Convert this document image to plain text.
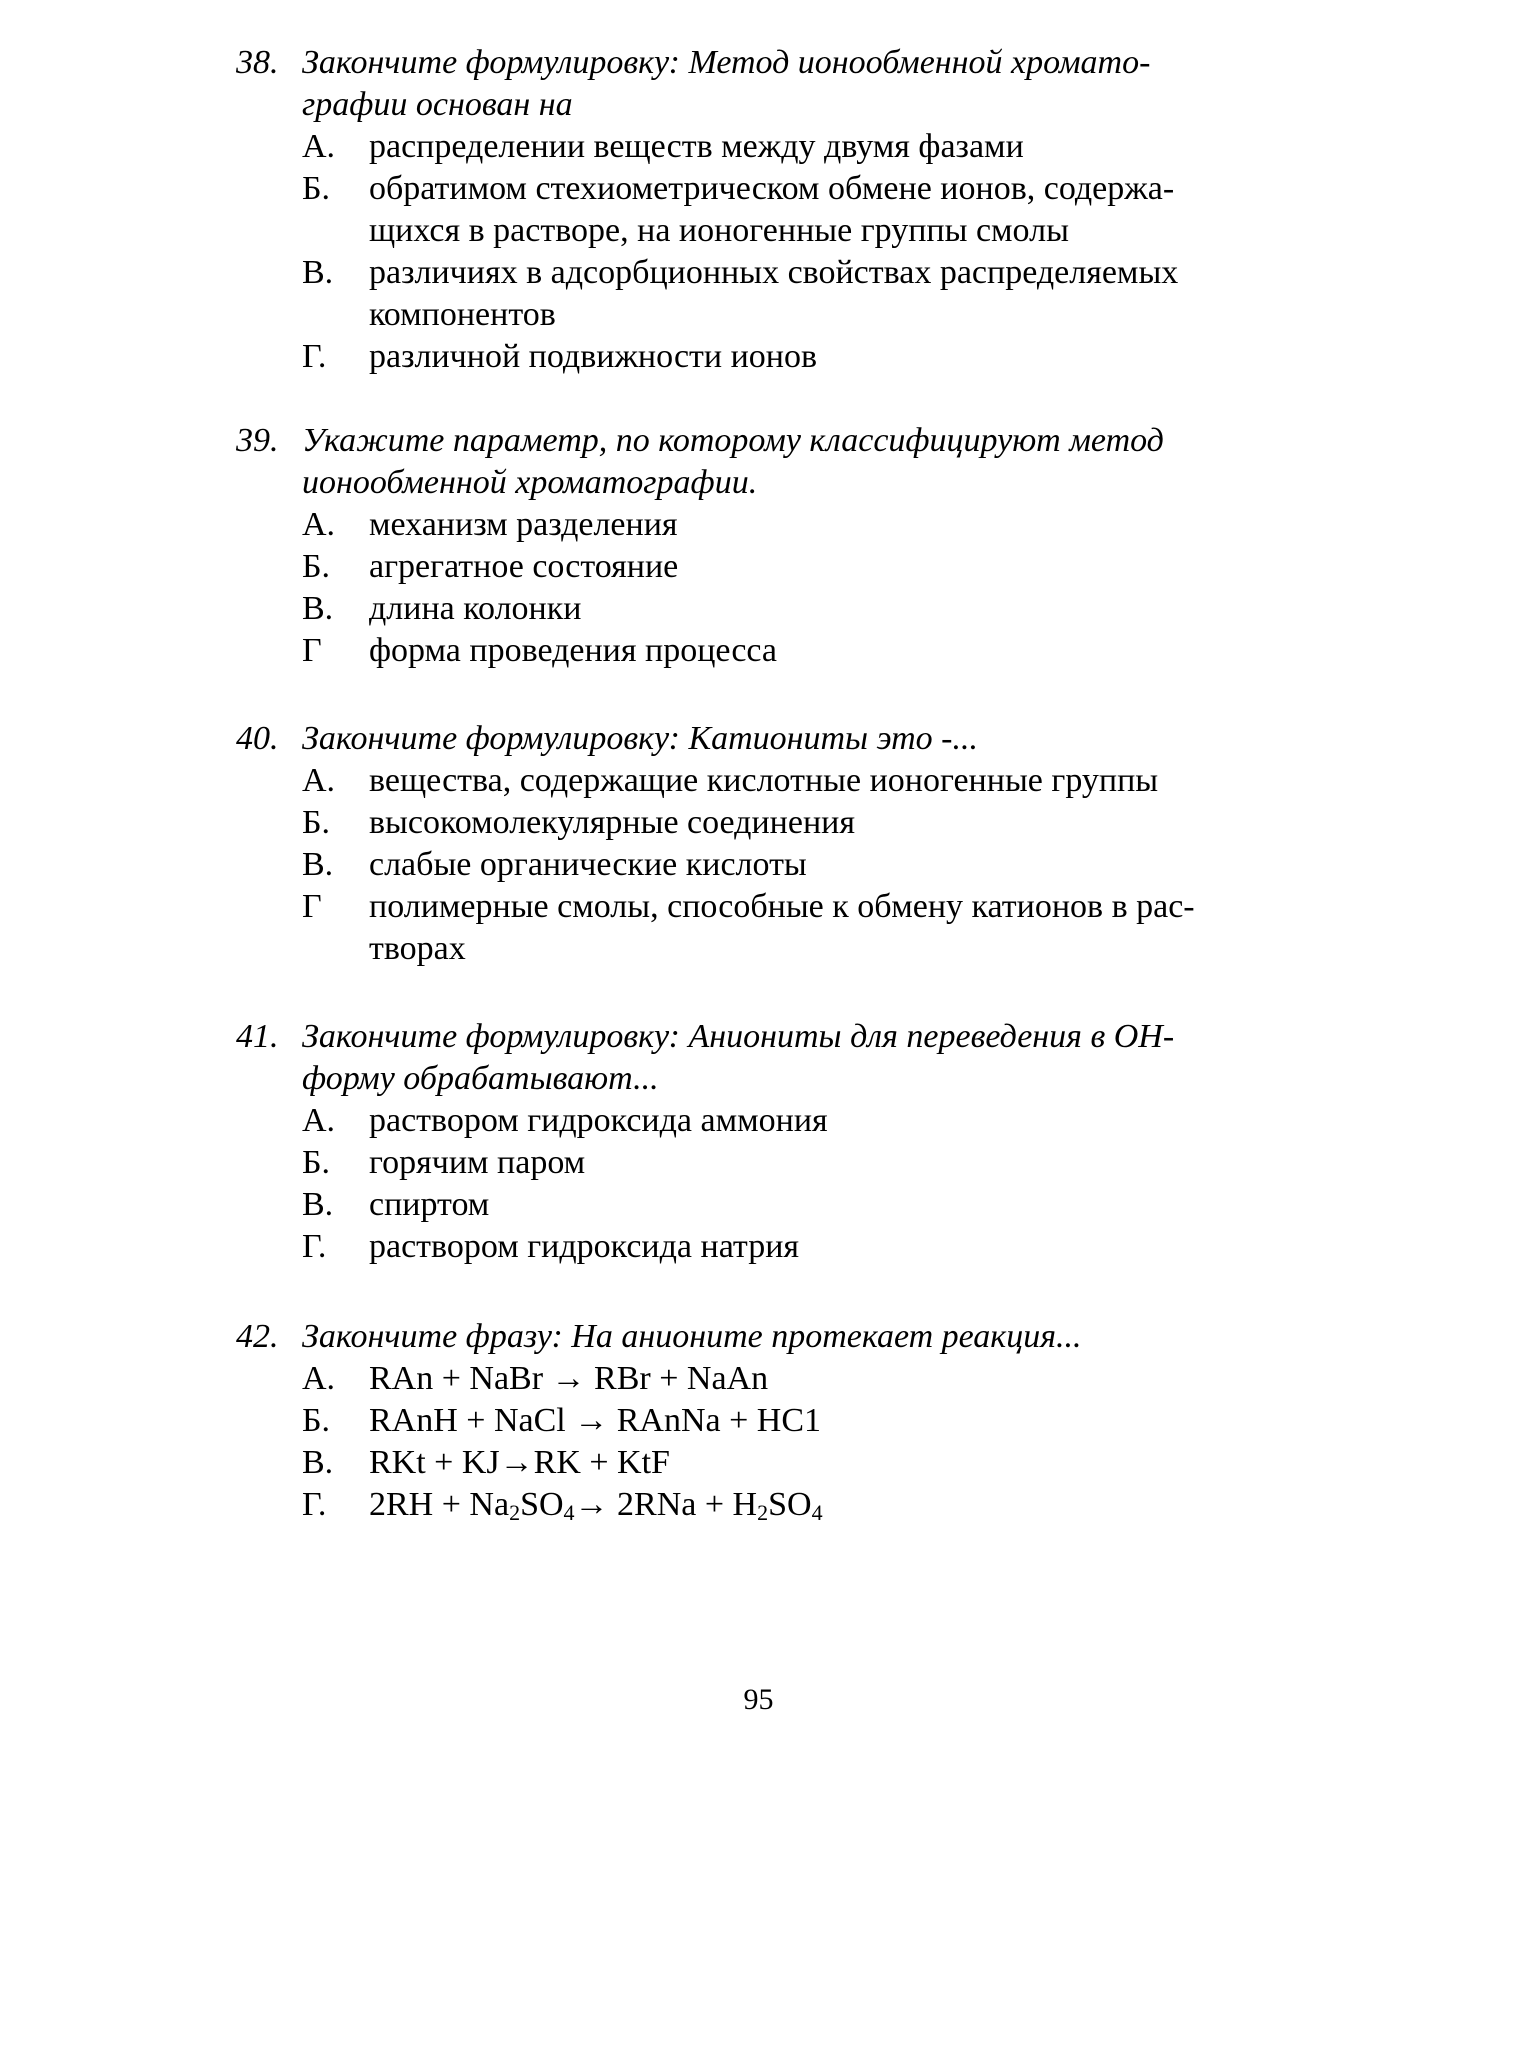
38. Закончите формулировку: Метод ионообменной хромато-
графии основан на
А. распределении веществ между двумя фазами
Б. обратимом стехиометрическом обмене ионов, содержа-
щихся в растворе, на ионогенные группы смолы
В. различиях в адсорбционных свойствах распределяемых
компонентов
Г. различной подвижности ионов
39. Укажите параметр, по которому классифицируют метод
ионообменной хроматографии.
А. механизм разделения
Б. агрегатное состояние
В. длина колонки
Г форма проведения процесса
40. Закончите формулировку: Катиониты это -...
А. вещества, содержащие кислотные ионогенные группы
Б. высокомолекулярные соединения
В. слабые органические кислоты
Г полимерные смолы, способные к обмену катионов в рас-
творах
41. Закончите формулировку: Аниониты для переведения в ОН-
форму обрабатывают...
А. раствором гидроксида аммония
Б. горячим паром
В. спиртом
Г. раствором гидроксида натрия
42. Закончите фразу: На анионите протекает реакция...
А. RAn + NaBr → RBr + NaAn
Б. RAnH + NaCl → RAnNa + HC1
В. RKt + KJ→RK + KtF
Г. $2RH + Na_2SO_4\to 2RNa + H_2SO_4$
95
